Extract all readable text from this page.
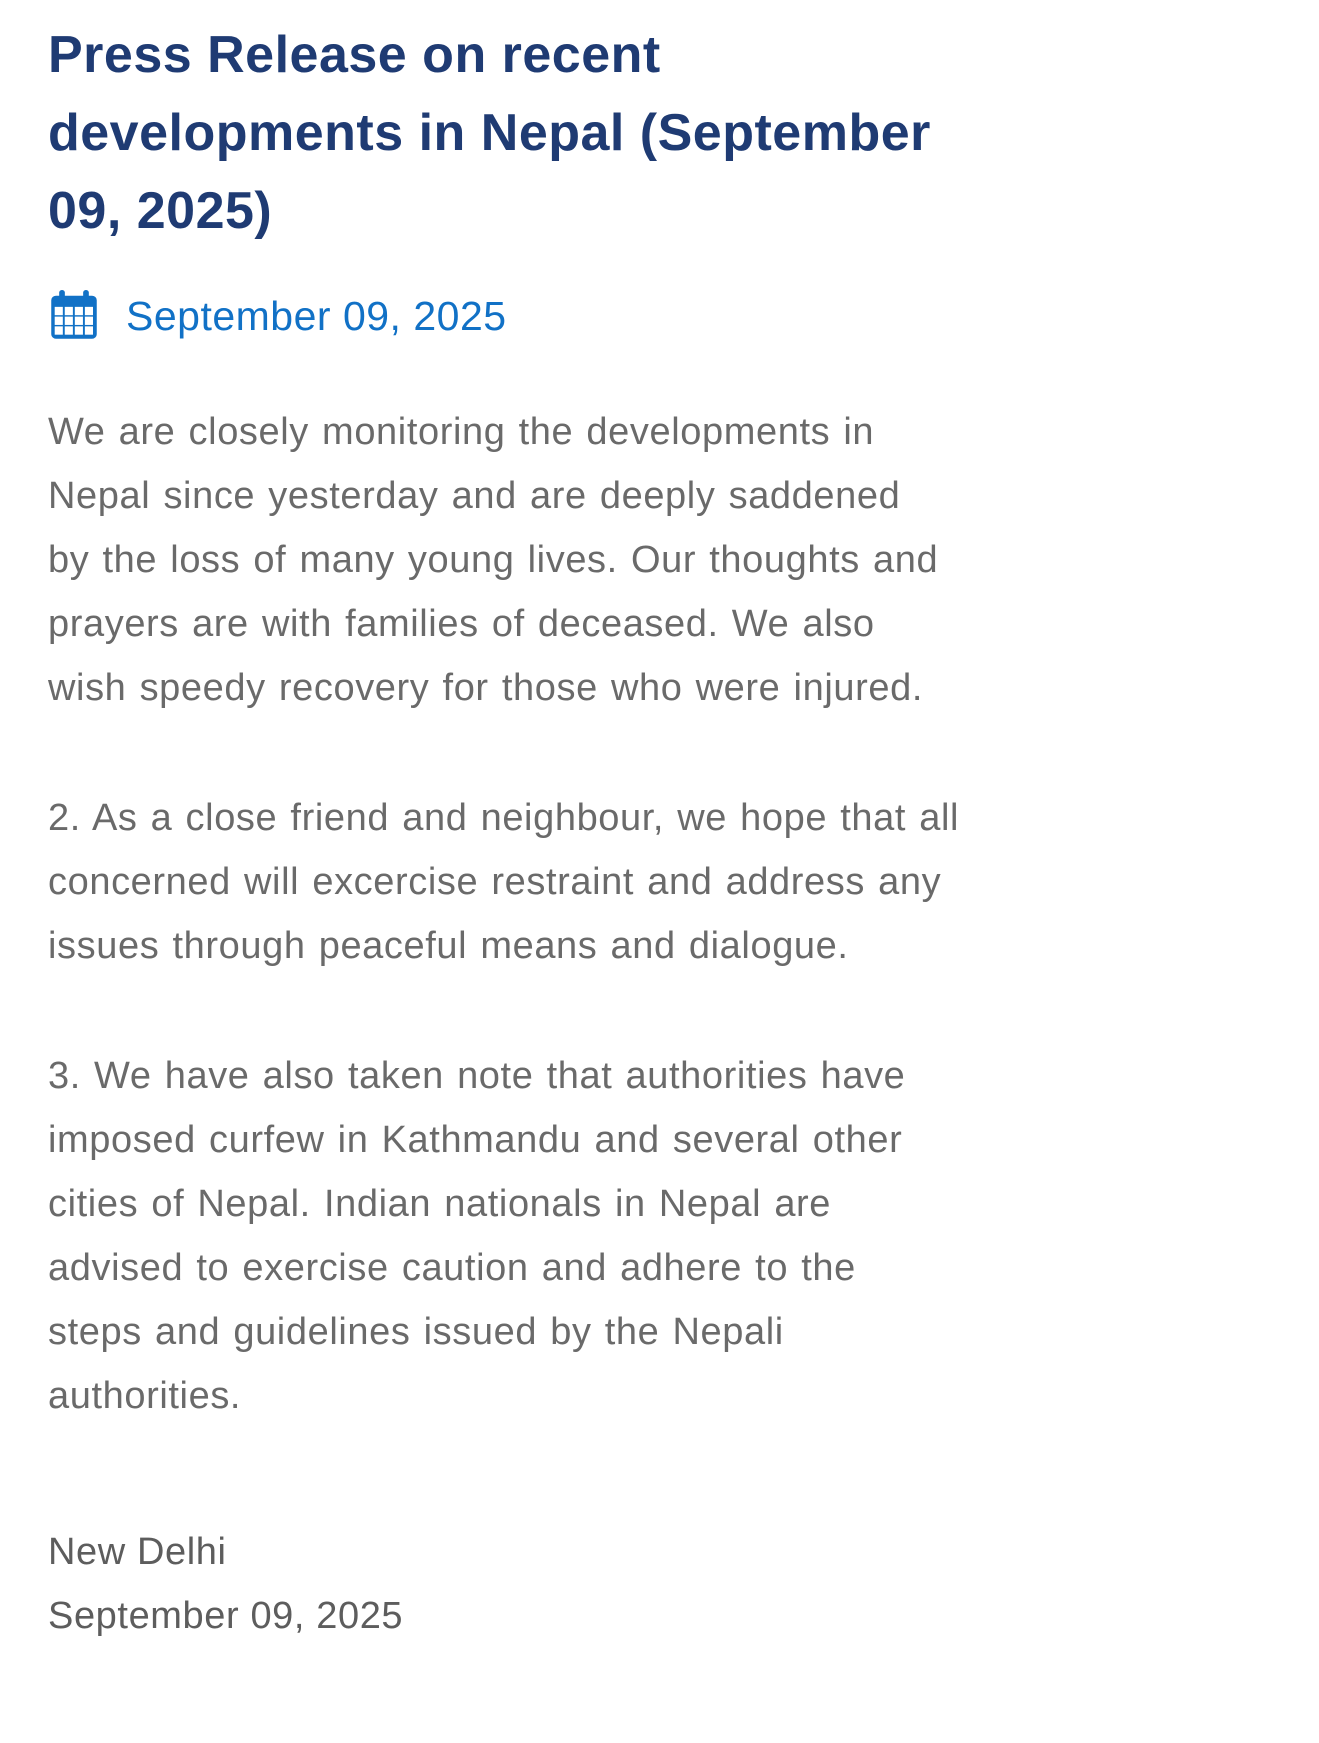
Press Release on recent
developments in Nepal (September
09, 2025)
September 09, 2025

We are closely monitoring the developments in
Nepal since yesterday and are deeply saddened
by the loss of many young lives. Our thoughts and
prayers are with families of deceased. We also
wish speedy recovery for those who were injured.

2. As a close friend and neighbour, we hope that all
concerned will excercise restraint and address any
issues through peaceful means and dialogue.

3. We have also taken note that authorities have
imposed curfew in Kathmandu and several other
cities of Nepal. Indian nationals in Nepal are
advised to exercise caution and adhere to the
steps and guidelines issued by the Nepali
authorities.

New Delhi
September 09, 2025
